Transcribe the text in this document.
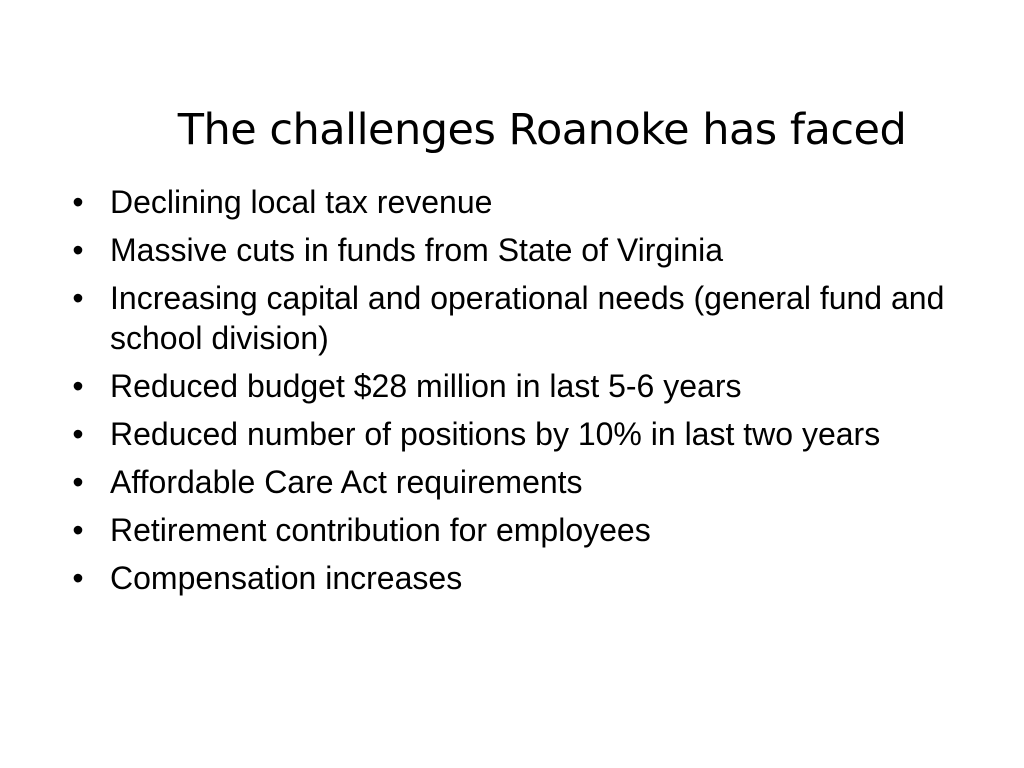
The challenges Roanoke has faced
• Declining local tax revenue
• Massive cuts in funds from State of Virginia
• Increasing capital and operational needs (general fund and school division)
• Reduced budget $28 million in last 5-6 years
• Reduced number of positions by 10% in last two years
• Affordable Care Act requirements
• Retirement contribution for employees
• Compensation increases
